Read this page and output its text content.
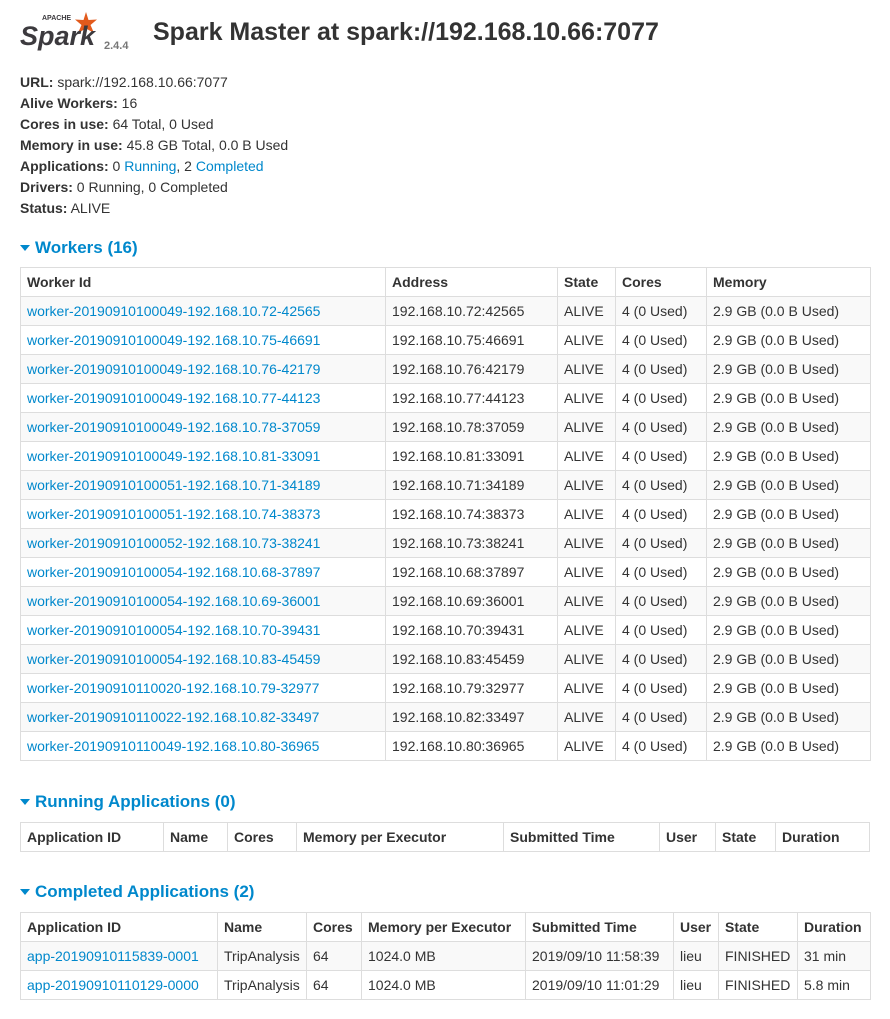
APACHE
Spark 2.4.4 Spark Master at spark://192.168.10.66:7077
URL: spark://192.168.10.66:7077
Alive Workers: 16
Cores in use: 64 Total, 0 Used
Memory in use: 45.8 GB Total, 0.0 B Used
Applications: 0 Running, 2 Completed
Drivers: 0 Running, 0 Completed
Status: ALIVE
Workers (16)
Worker Id	Address	State	Cores	Memory
worker-20190910100049-192.168.10.72-42565	192.168.10.72:42565	ALIVE	4 (0 Used)	2.9 GB (0.0 B Used)
worker-20190910100049-192.168.10.75-46691	192.168.10.75:46691	ALIVE	4 (0 Used)	2.9 GB (0.0 B Used)
worker-20190910100049-192.168.10.76-42179	192.168.10.76:42179	ALIVE	4 (0 Used)	2.9 GB (0.0 B Used)
worker-20190910100049-192.168.10.77-44123	192.168.10.77:44123	ALIVE	4 (0 Used)	2.9 GB (0.0 B Used)
worker-20190910100049-192.168.10.78-37059	192.168.10.78:37059	ALIVE	4 (0 Used)	2.9 GB (0.0 B Used)
worker-20190910100049-192.168.10.81-33091	192.168.10.81:33091	ALIVE	4 (0 Used)	2.9 GB (0.0 B Used)
worker-20190910100051-192.168.10.71-34189	192.168.10.71:34189	ALIVE	4 (0 Used)	2.9 GB (0.0 B Used)
worker-20190910100051-192.168.10.74-38373	192.168.10.74:38373	ALIVE	4 (0 Used)	2.9 GB (0.0 B Used)
worker-20190910100052-192.168.10.73-38241	192.168.10.73:38241	ALIVE	4 (0 Used)	2.9 GB (0.0 B Used)
worker-20190910100054-192.168.10.68-37897	192.168.10.68:37897	ALIVE	4 (0 Used)	2.9 GB (0.0 B Used)
worker-20190910100054-192.168.10.69-36001	192.168.10.69:36001	ALIVE	4 (0 Used)	2.9 GB (0.0 B Used)
worker-20190910100054-192.168.10.70-39431	192.168.10.70:39431	ALIVE	4 (0 Used)	2.9 GB (0.0 B Used)
worker-20190910100054-192.168.10.83-45459	192.168.10.83:45459	ALIVE	4 (0 Used)	2.9 GB (0.0 B Used)
worker-20190910110020-192.168.10.79-32977	192.168.10.79:32977	ALIVE	4 (0 Used)	2.9 GB (0.0 B Used)
worker-20190910110022-192.168.10.82-33497	192.168.10.82:33497	ALIVE	4 (0 Used)	2.9 GB (0.0 B Used)
worker-20190910110049-192.168.10.80-36965	192.168.10.80:36965	ALIVE	4 (0 Used)	2.9 GB (0.0 B Used)
Running Applications (0)
Application ID	Name	Cores	Memory per Executor	Submitted Time	User	State	Duration
Completed Applications (2)
Application ID	Name	Cores	Memory per Executor	Submitted Time	User	State	Duration
app-20190910115839-0001	TripAnalysis	64	1024.0 MB	2019/09/10 11:58:39	lieu	FINISHED	31 min
app-20190910110129-0000	TripAnalysis	64	1024.0 MB	2019/09/10 11:01:29	lieu	FINISHED	5.8 min
